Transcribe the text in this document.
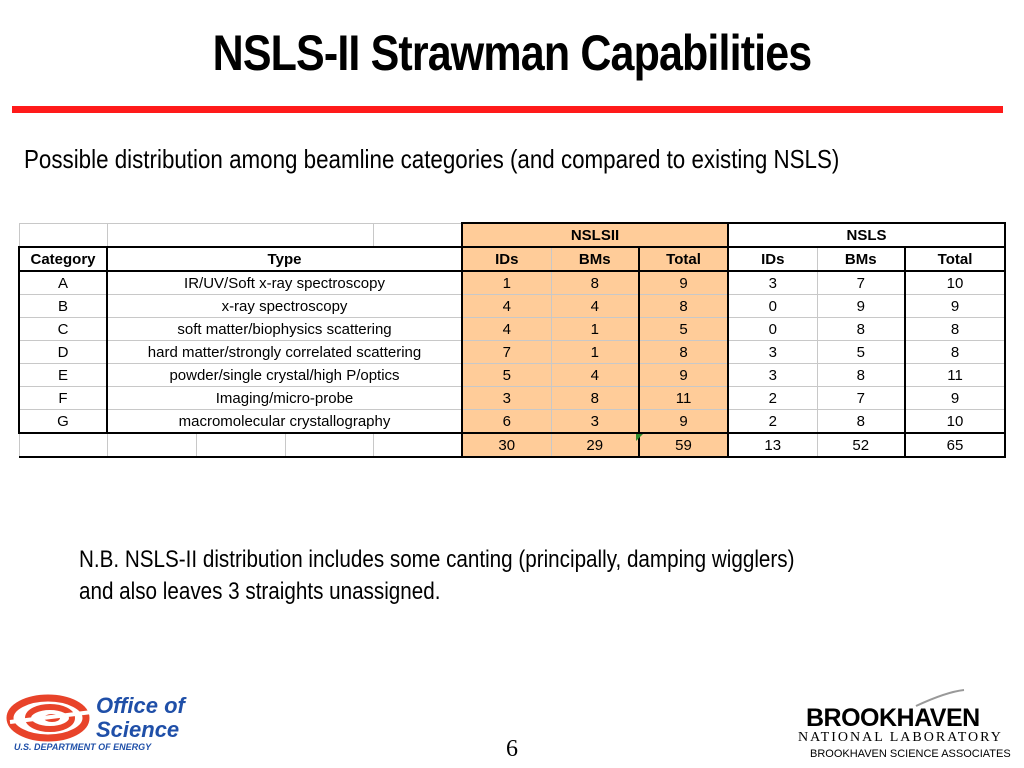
NSLS-II Strawman Capabilities
Possible distribution among beamline categories (and compared to existing NSLS)
					NSLSII			NSLS		
Category	Type				IDs	BMs	Total	IDs	BMs	Total
A	IR/UV/Soft x-ray spectroscopy				1	8	9	3	7	10
B	x-ray spectroscopy				4	4	8	0	9	9
C	soft matter/biophysics scattering				4	1	5	0	8	8
D	hard matter/strongly correlated scattering				7	1	8	3	5	8
E	powder/single crystal/high P/optics				5	4	9	3	8	11
F	Imaging/micro-probe				3	8	11	2	7	9
G	macromolecular crystallography				6	3	9	2	8	10
					30	29	59	13	52	65
N.B. NSLS-II distribution includes some canting (principally, damping wigglers)
and also leaves 3 straights unassigned.
Office of
Science
U.S. DEPARTMENT OF ENERGY	6
BROOKHAVEN
NATIONAL LABORATORY
BROOKHAVEN SCIENCE ASSOCIATES
